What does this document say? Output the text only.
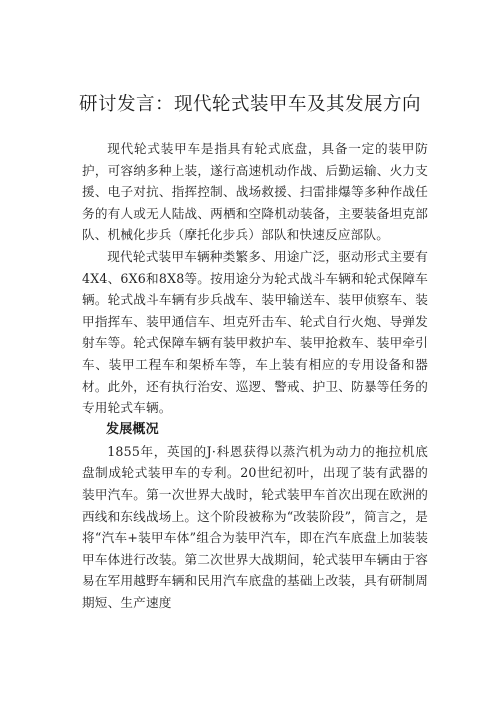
研讨发言：现代轮式装甲车及其发展方向

现代轮式装甲车是指具有轮式底盘，具备一定的装甲防护，可容纳多种上装，遂行高速机动作战、后勤运输、火力支援、电子对抗、指挥控制、战场救援、扫雷排爆等多种作战任务的有人或无人陆战、两栖和空降机动装备，主要装备坦克部队、机械化步兵（摩托化步兵）部队和快速反应部队。

现代轮式装甲车辆种类繁多、用途广泛，驱动形式主要有4X4、6X6和8X8等。按用途分为轮式战斗车辆和轮式保障车辆。轮式战斗车辆有步兵战车、装甲输送车、装甲侦察车、装甲指挥车、装甲通信车、坦克歼击车、轮式自行火炮、导弹发射车等。轮式保障车辆有装甲救护车、装甲抢救车、装甲牵引车、装甲工程车和架桥车等，车上装有相应的专用设备和器材。此外，还有执行治安、巡逻、警戒、护卫、防暴等任务的专用轮式车辆。

发展概况

1855年，英国的J·科恩获得以蒸汽机为动力的拖拉机底盘制成轮式装甲车的专利。20世纪初叶，出现了装有武器的装甲汽车。第一次世界大战时，轮式装甲车首次出现在欧洲的西线和东线战场上。这个阶段被称为“改装阶段”，简言之，是将“汽车+装甲车体”组合为装甲汽车，即在汽车底盘上加装装甲车体进行改装。第二次世界大战期间，轮式装甲车辆由于容易在军用越野车辆和民用汽车底盘的基础上改装，具有研制周期短、生产速度
